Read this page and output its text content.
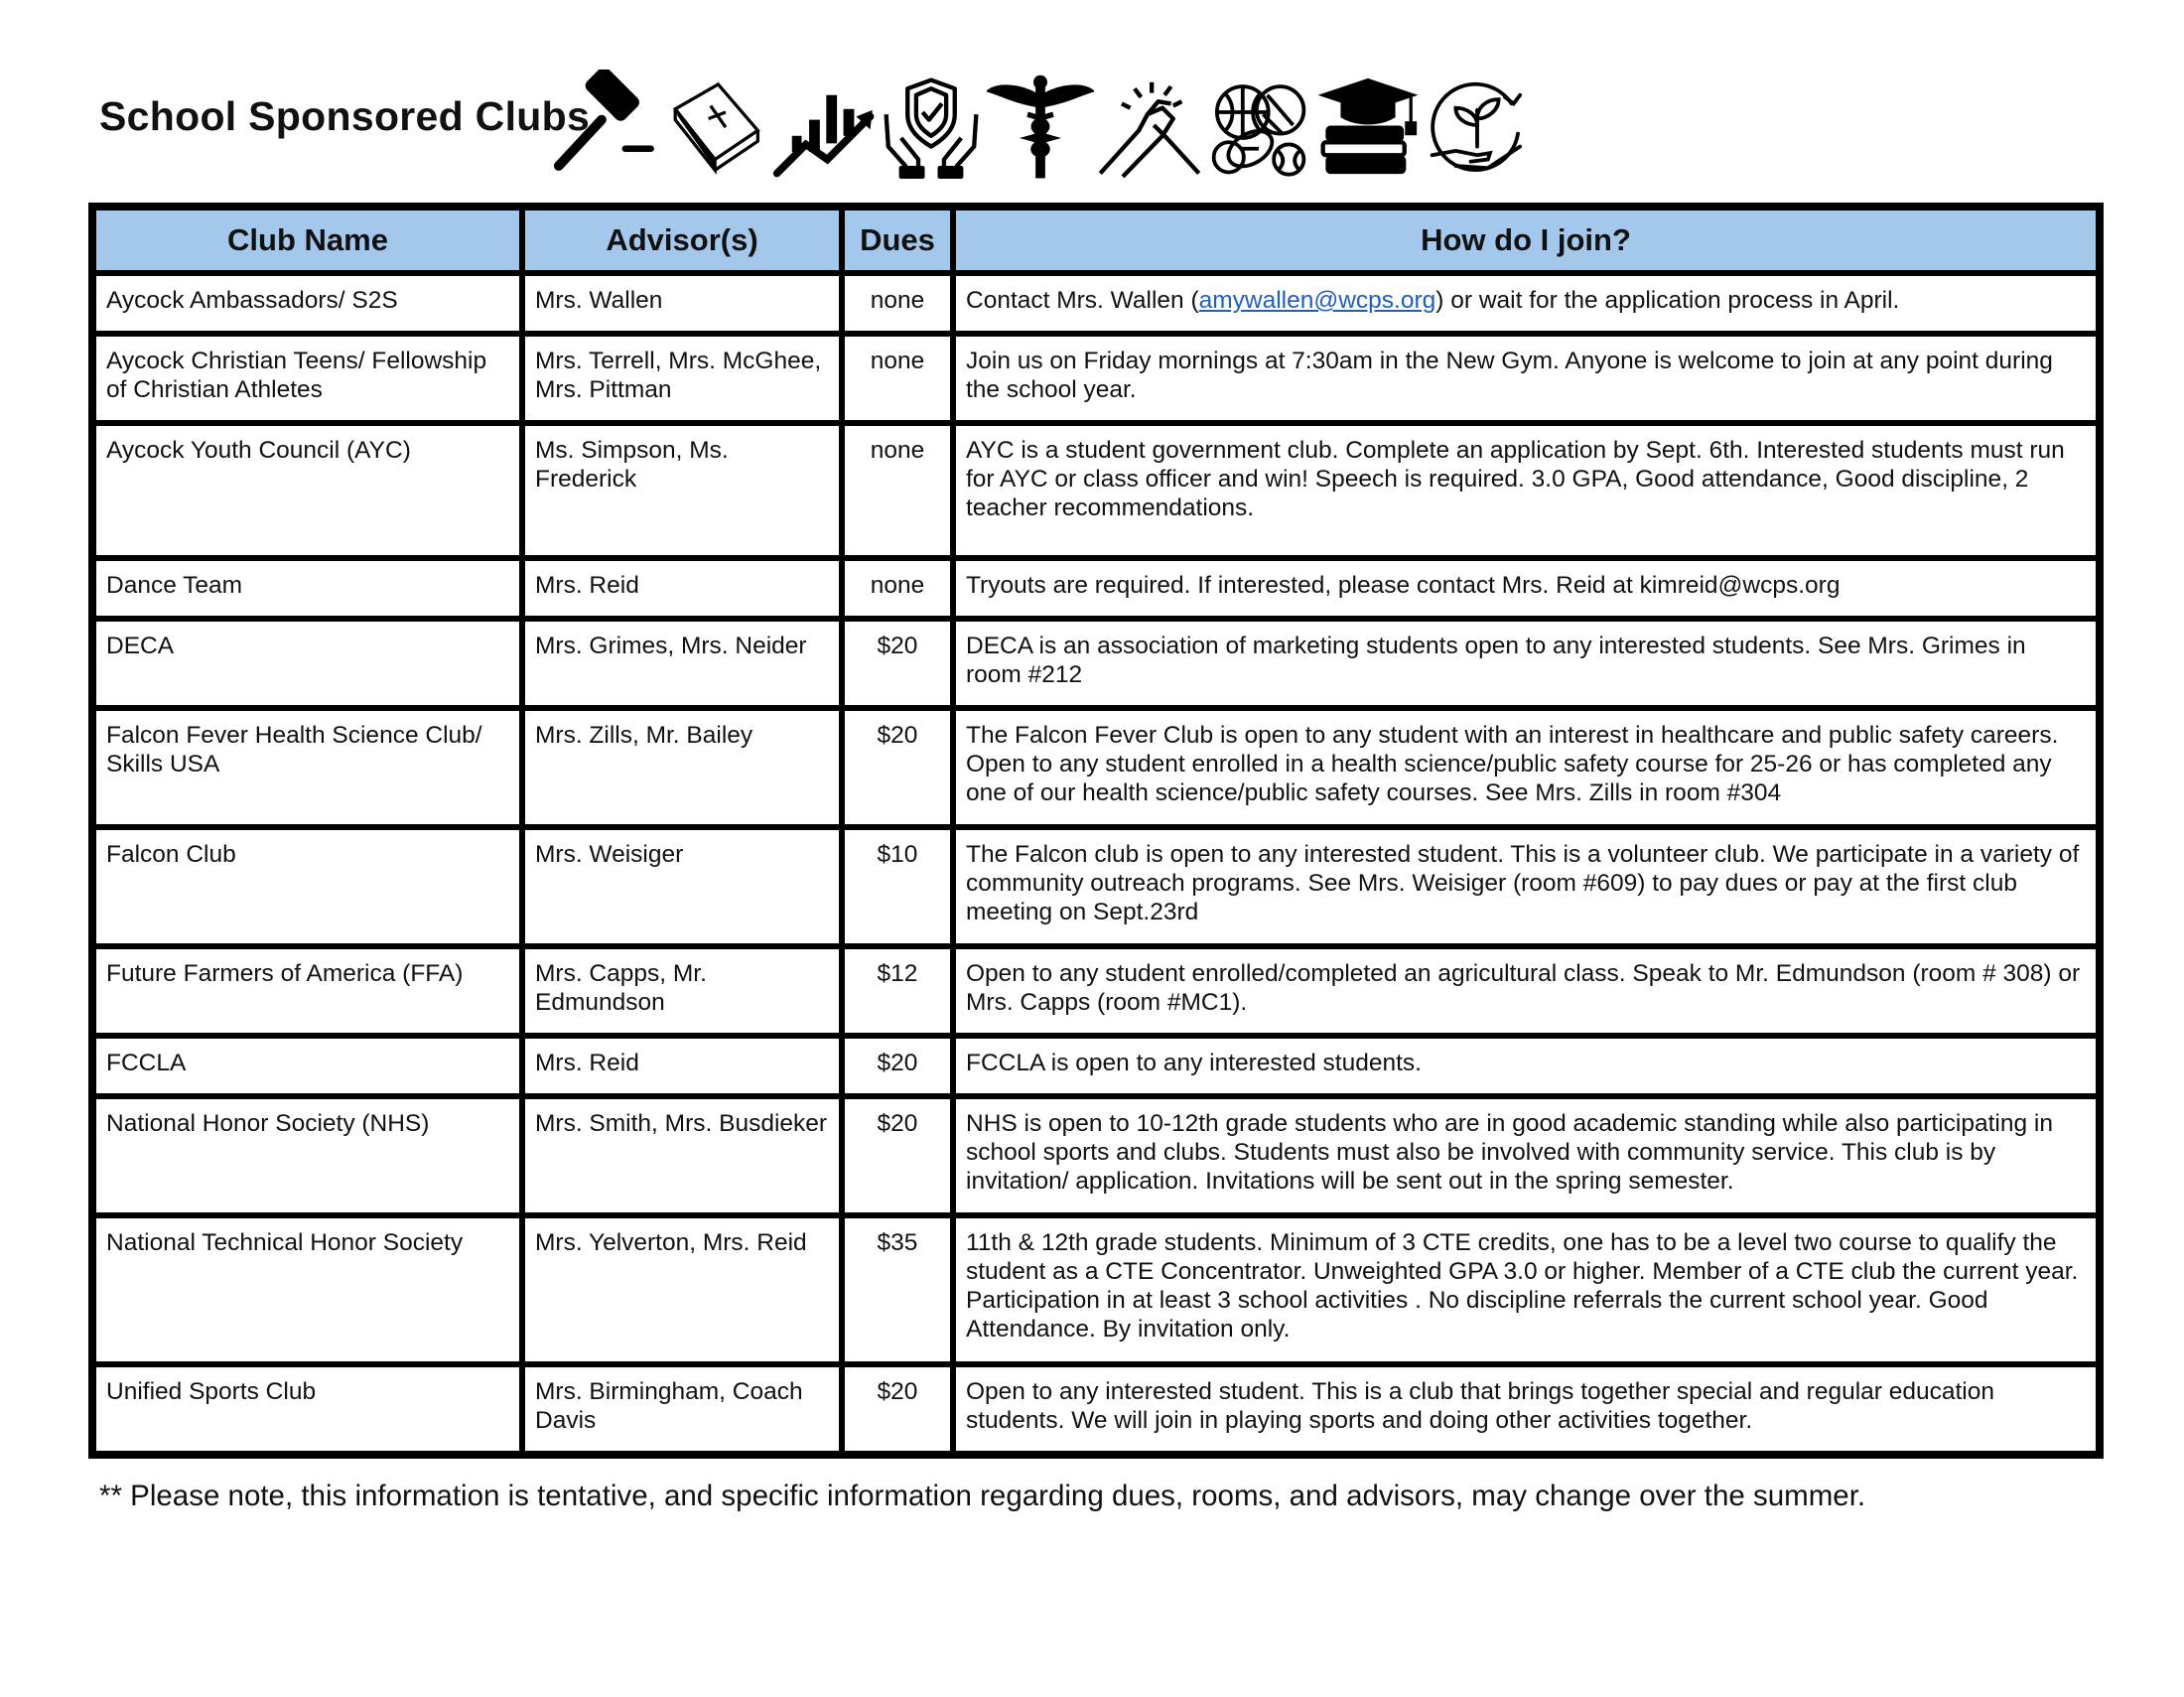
School Sponsored Clubs
Club Name	Advisor(s)	Dues	How do I join?
Aycock Ambassadors/ S2S	Mrs. Wallen	none	Contact Mrs. Wallen (amywallen@wcps.org) or wait for the application process in April.
Aycock Christian Teens/ Fellowship of Christian Athletes	Mrs. Terrell, Mrs. McGhee, Mrs. Pittman	none	Join us on Friday mornings at 7:30am in the New Gym. Anyone is welcome to join at any point during the school year.
Aycock Youth Council (AYC)	Ms. Simpson, Ms. Frederick	none	AYC is a student government club. Complete an application by Sept. 6th. Interested students must run for AYC or class officer and win! Speech is required. 3.0 GPA, Good attendance, Good discipline, 2 teacher recommendations.
Dance Team	Mrs. Reid	none	Tryouts are required. If interested, please contact Mrs. Reid at kimreid@wcps.org
DECA	Mrs. Grimes, Mrs. Neider	$20	DECA is an association of marketing students open to any interested students. See Mrs. Grimes in room #212
Falcon Fever Health Science Club/ Skills USA	Mrs. Zills, Mr. Bailey	$20	The Falcon Fever Club is open to any student with an interest in healthcare and public safety careers. Open to any student enrolled in a health science/public safety course for 25-26 or has completed any one of our health science/public safety courses. See Mrs. Zills in room #304
Falcon Club	Mrs. Weisiger	$10	The Falcon club is open to any interested student. This is a volunteer club. We participate in a variety of community outreach programs. See Mrs. Weisiger (room #609) to pay dues or pay at the first club meeting on Sept.23rd
Future Farmers of America (FFA)	Mrs. Capps, Mr. Edmundson	$12	Open to any student enrolled/completed an agricultural class. Speak to Mr. Edmundson (room # 308) or Mrs. Capps (room #MC1).
FCCLA	Mrs. Reid	$20	FCCLA is open to any interested students.
National Honor Society (NHS)	Mrs. Smith, Mrs. Busdieker	$20	NHS is open to 10-12th grade students who are in good academic standing while also participating in school sports and clubs. Students must also be involved with community service. This club is by invitation/ application. Invitations will be sent out in the spring semester.
National Technical Honor Society	Mrs. Yelverton, Mrs. Reid	$35	11th & 12th grade students. Minimum of 3 CTE credits, one has to be a level two course to qualify the student as a CTE Concentrator. Unweighted GPA 3.0 or higher. Member of a CTE club the current year. Participation in at least 3 school activities . No discipline referrals the current school year. Good Attendance. By invitation only.
Unified Sports Club	Mrs. Birmingham, Coach Davis	$20	Open to any interested student. This is a club that brings together special and regular education students. We will join in playing sports and doing other activities together.
** Please note, this information is tentative, and specific information regarding dues, rooms, and advisors, may change over the summer.
